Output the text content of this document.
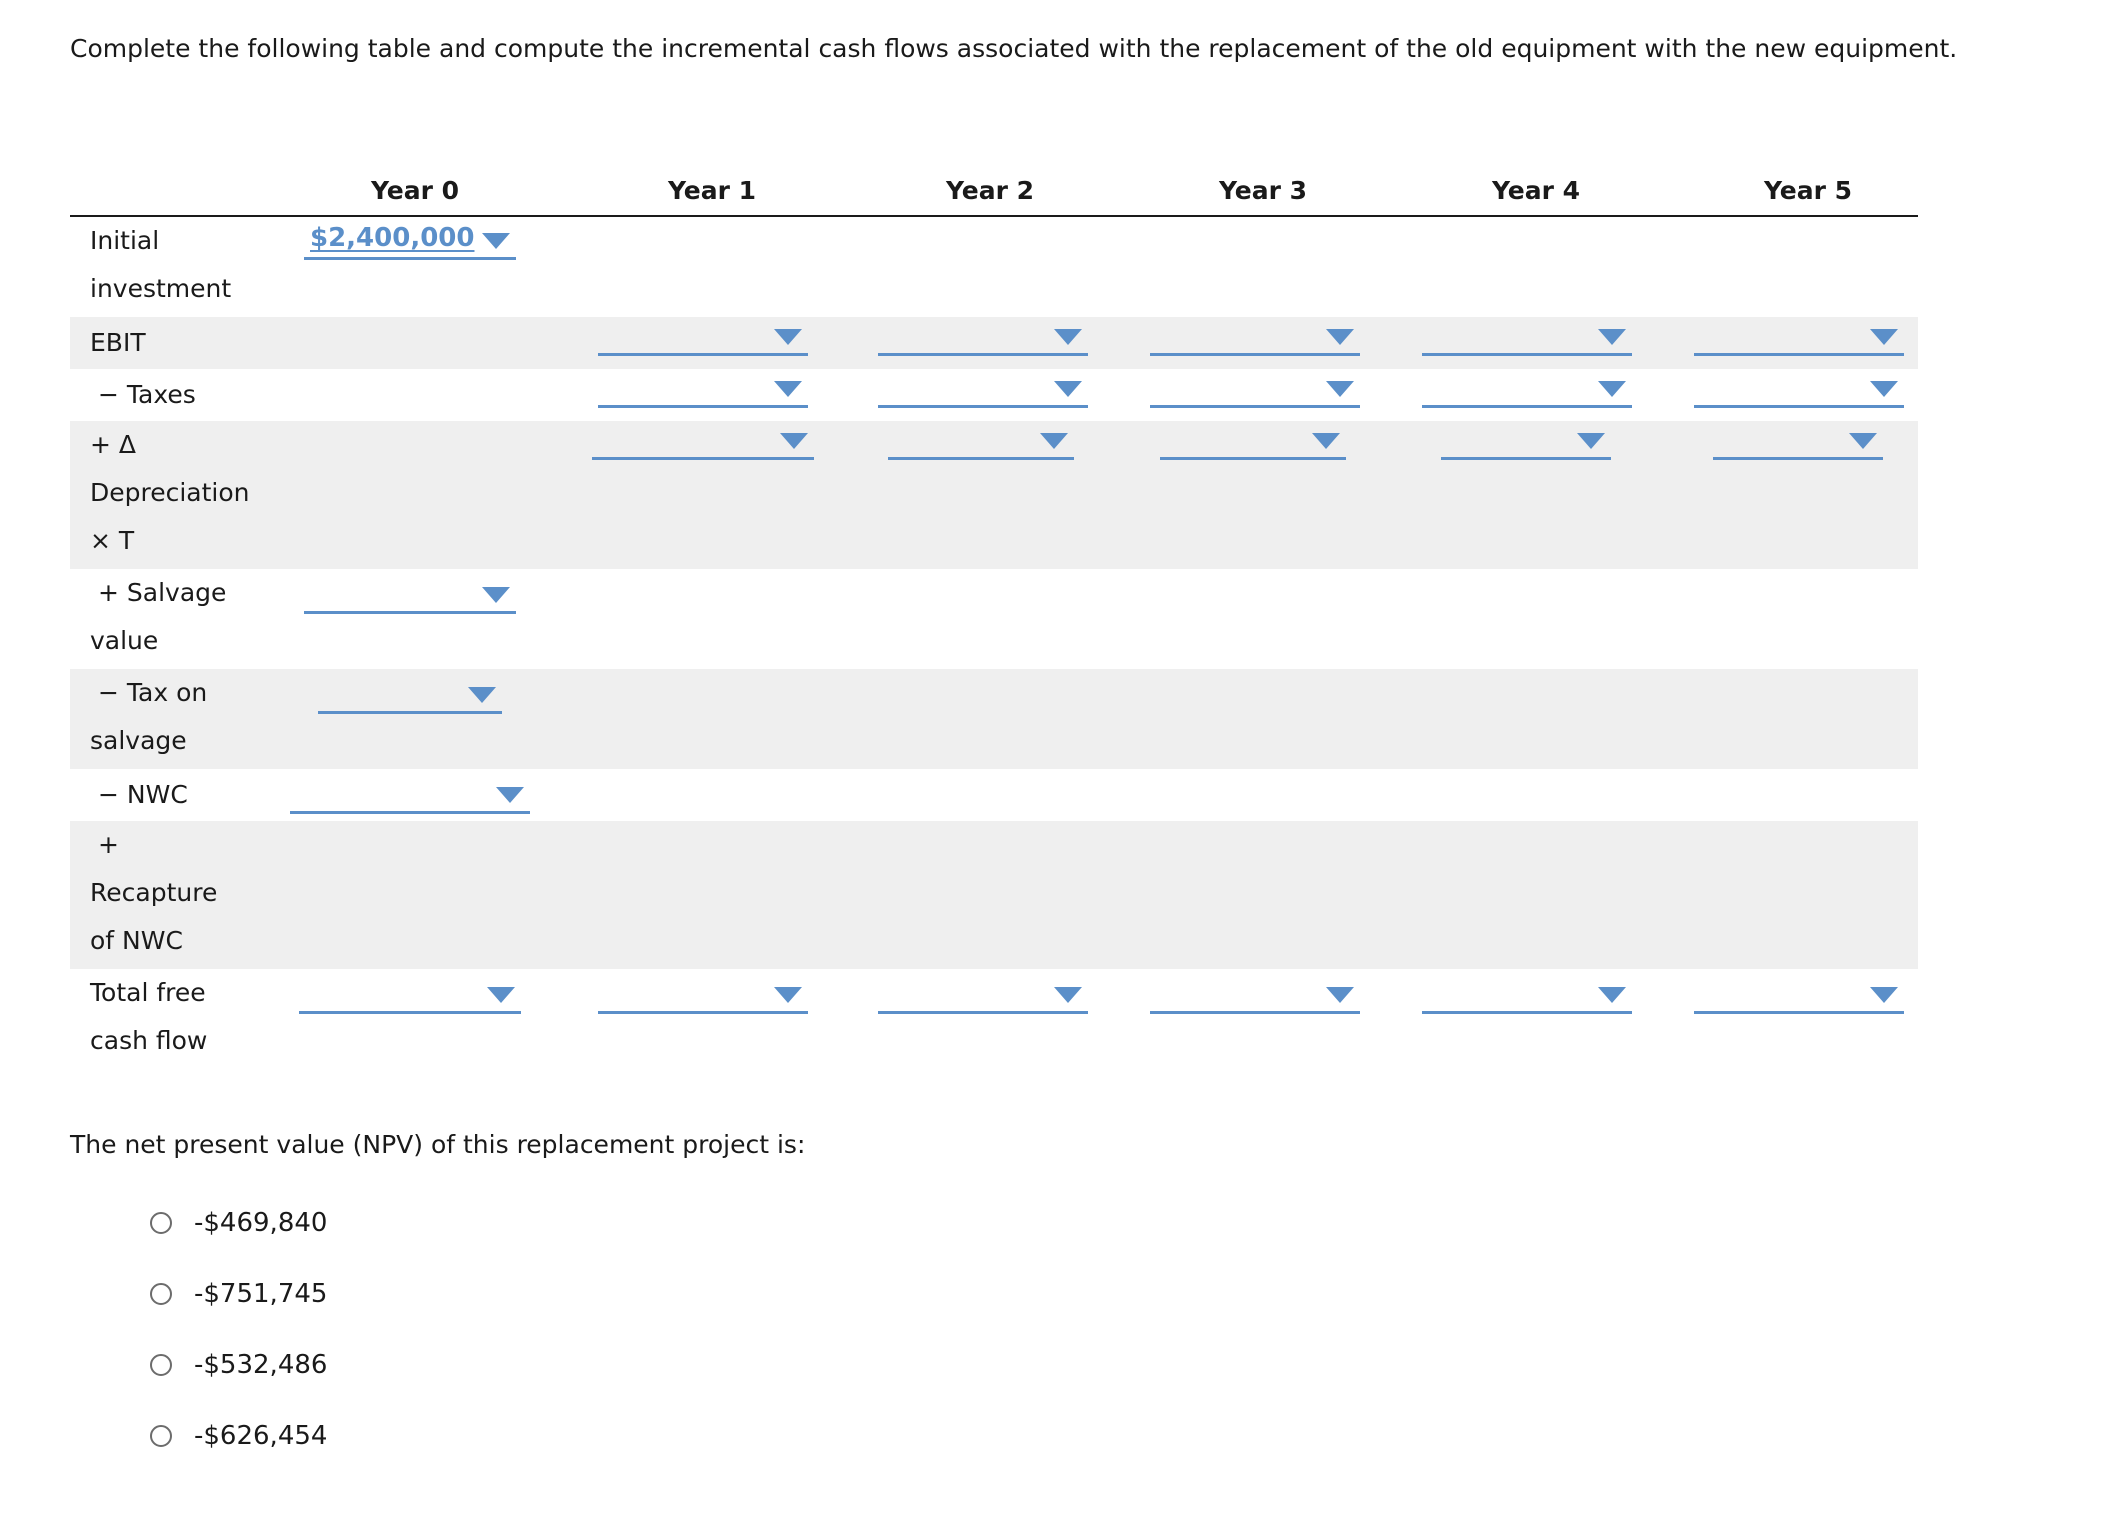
Complete the following table and compute the incremental cash flows associated with the replacement of the old equipment with the new equipment.
Year 0	Year 1	Year 2	Year 3	Year 4	Year 5
Initial
investment
$2,400,000
EBIT
− Taxes
+ Δ
Depreciation
× T
+ Salvage
value
− Tax on
salvage
− NWC
+
Recapture
of NWC
Total free
cash flow
The net present value (NPV) of this replacement project is:
-$469,840
-$751,745
-$532,486
-$626,454
